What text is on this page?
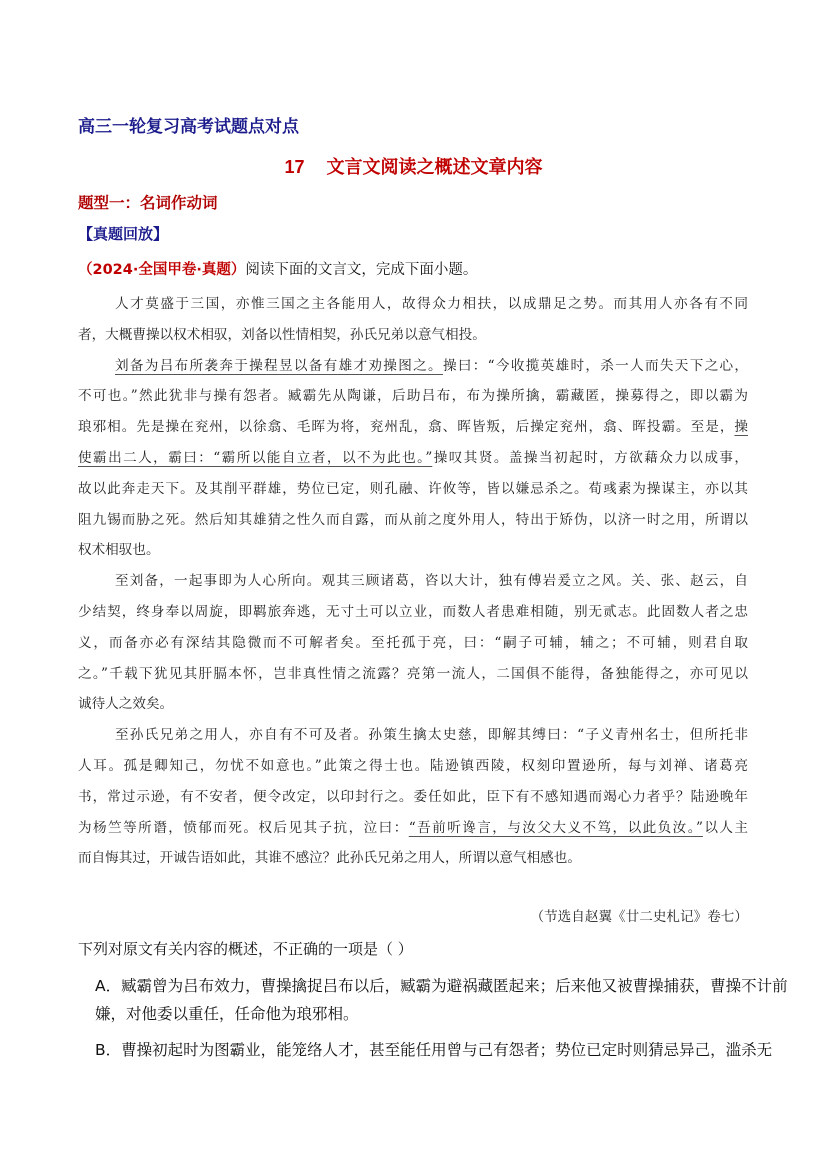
高三一轮复习高考试题点对点
17 文言文阅读之概述文章内容
题型一：名词作动词
【真题回放】
（2024·全国甲卷·真题）阅读下面的文言文，完成下面小题。
人才莫盛于三国，亦惟三国之主各能用人，故得众力相扶，以成鼎足之势。而其用人亦各有不同
者，大概曹操以权术相驭，刘备以性情相契，孙氏兄弟以意气相投。
刘备为吕布所袭奔于操程昱以备有雄才劝操图之。操曰：“今收揽英雄时，杀一人而失天下之心，
不可也。”然此犹非与操有怨者。臧霸先从陶谦，后助吕布，布为操所擒，霸藏匿，操募得之，即以霸为
琅邪相。先是操在兖州，以徐翕、毛晖为将，兖州乱，翕、晖皆叛，后操定兖州，翕、晖投霸。至是，操
使霸出二人，霸曰：“霸所以能自立者，以不为此也。”操叹其贤。盖操当初起时，方欲藉众力以成事，
故以此奔走天下。及其削平群雄，势位已定，则孔融、许攸等，皆以嫌忌杀之。荀彧素为操谋主，亦以其
阻九锡而胁之死。然后知其雄猜之性久而自露，而从前之度外用人，特出于矫伪，以济一时之用，所谓以
权术相驭也。
至刘备，一起事即为人心所向。观其三顾诸葛，咨以大计，独有傅岩爰立之风。关、张、赵云，自
少结契，终身奉以周旋，即羁旅奔逃，无寸土可以立业，而数人者患难相随，别无贰志。此固数人者之忠
义，而备亦必有深结其隐微而不可解者矣。至托孤于亮，曰：“嗣子可辅，辅之；不可辅，则君自取
之。”千载下犹见其肝膈本怀，岂非真性情之流露？亮第一流人，二国俱不能得，备独能得之，亦可见以
诚待人之效矣。
至孙氏兄弟之用人，亦自有不可及者。孙策生擒太史慈，即解其缚曰：“子义青州名士，但所托非
人耳。孤是卿知己，勿忧不如意也。”此策之得士也。陆逊镇西陵，权刻印置逊所，每与刘禅、诸葛亮
书，常过示逊，有不安者，便令改定，以印封行之。委任如此，臣下有不感知遇而竭心力者乎？陆逊晚年
为杨竺等所谮，愤郁而死。权后见其子抗，泣曰：“吾前听谗言，与汝父大义不笃，以此负汝。”以人主
而自悔其过，开诚告语如此，其谁不感泣？此孙氏兄弟之用人，所谓以意气相感也。
（节选自赵翼《廿二史札记》卷七）
下列对原文有关内容的概述，不正确的一项是（ ）
A．臧霸曾为吕布效力，曹操擒捉吕布以后，臧霸为避祸藏匿起来；后来他又被曹操捕获，曹操不计前
嫌，对他委以重任，任命他为琅邪相。
B．曹操初起时为图霸业，能笼络人才，甚至能任用曾与己有怨者；势位已定时则猜忌异己，滥杀无
